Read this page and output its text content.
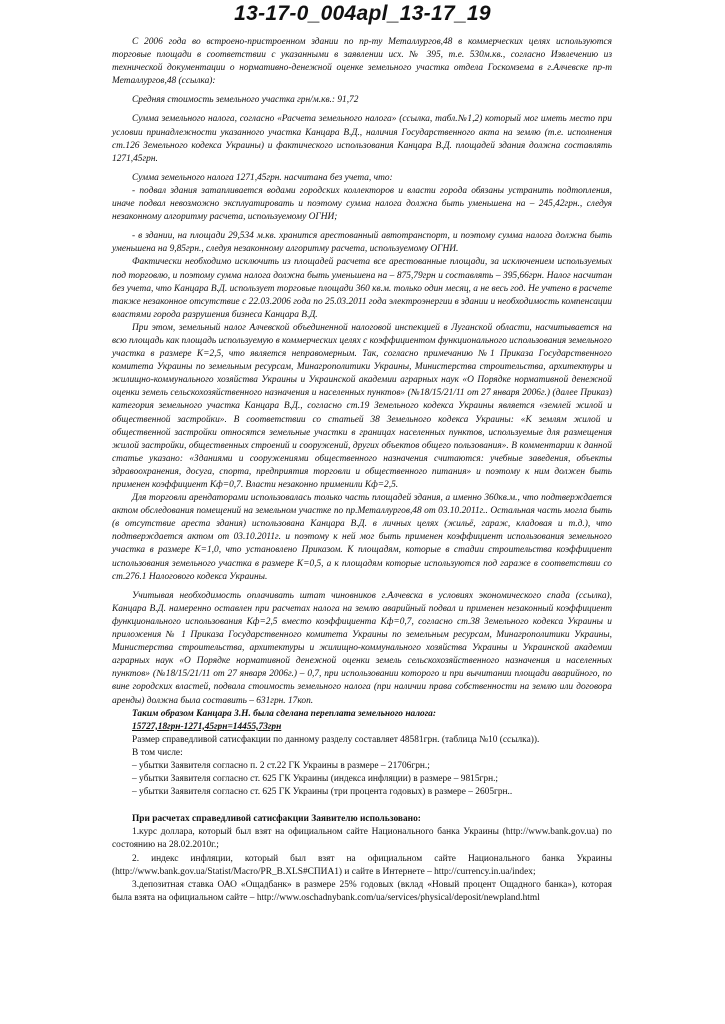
13-17-0_004apl_13-17_19

С 2006 года во встроено-пристроенном здании по пр-ту Металлургов,48 в коммерческих целях используются торговые площади в соответствии с указанными в заявлении исх. № 395, т.е. 530м.кв., согласно Извлечению из технической документации о нормативно-денежной оценке земельного участка отдела Госкомзема в г.Алчевске пр-т Металлургов,48 (ссылка):

Средняя стоимость земельного участка грн/м.кв.: 91,72

Сумма земельного налога, согласно «Расчета земельного налога» (ссылка, табл.№1,2) который мог иметь место при условии принадлежности указанного участка Канцара В.Д., наличия Государственного акта на землю (т.е. исполнения ст.126 Земельного кодекса Украины) и фактического использования Канцара В.Д. площадей здания должна составлять 1271,45грн.

Сумма земельного налога 1271,45грн. насчитана без учета, что:

- подвал здания затапливается водами городских коллекторов и власти города обязаны устранить подтопления, иначе подвал невозможно эксплуатировать и поэтому сумма налога должна быть уменьшена на – 245,42грн., следуя незаконному алгоритму расчета, используемому ОГНИ;

- в здании, на площади 29,534 м.кв. хранится арестованный автотранспорт, и поэтому сумма налога должна быть уменьшена на 9,85грн., следуя незаконному алгоритму расчета, используемому ОГНИ.

Фактически необходимо исключить из площадей расчета все арестованные площади, за исключением используемых под торговлю, и поэтому сумма налога должна быть уменьшена на – 875,79грн и составлять – 395,66грн. Налог насчитан без учета, что Канцара В.Д. использует торговые площади 360 кв.м. только один месяц, а не весь год. Не учтено в расчете также незаконное отсутствие с 22.03.2006 года по 25.03.2011 года электроэнергии в здании и необходимость компенсации властями города разрушения бизнеса Канцара В.Д.

При этом, земельный налог Алчевской объединенной налоговой инспекцией в Луганской области, насчитывается на всю площадь как площадь используемую в коммерческих целях с коэффициентом функционального использования земельного участка в размере К=2,5, что является неправомерным. Так, согласно примечанию №1 Приказа Государственного комитета Украины по земельным ресурсам, Минагрополитики Украины, Министерства строительства, архитектуры и жилищно-коммунального хозяйства Украины и Украинской академии аграрных наук «О Порядке нормативной денежной оценки земель сельскохозяйственного назначения и населенных пунктов» (№18/15/21/11 от 27 января 2006г.) (далее Приказ) категория земельного участка Канцара В.Д., согласно ст.19 Земельного кодекса Украины является «землей жилой и общественной застройки». В соответствии со статьей 38 Земельного кодекса Украины: «К землям жилой и общественной застройки относятся земельные участки в границах населенных пунктов, используемые для размещения жилой застройки, общественных строений и сооружений, других объектов общего пользования». В комментарии к данной статье указано: «Зданиями и сооружениями общественного назначения считаются: учебные заведения, объекты здравоохранения, досуга, спорта, предприятия торговли и общественного питания» и поэтому к ним должен быть применен коэффициент Кф=0,7. Власти незаконно применили Кф=2,5.

Для торговли арендаторами использовалась только часть площадей здания, а именно 360кв.м., что подтверждается актом обследования помещений на земельном участке по пр.Металлургов,48 от 03.10.2011г.. Остальная часть могла быть (в отсутствие ареста здания) использована Канцара В.Д. в личных целях (жильё, гараж, кладовая и т.д.), что подтверждается актом от 03.10.2011г. и поэтому к ней мог быть применен коэффициент использования земельного участка в размере К=1,0, что установлено Приказом. К площадям, которые в стадии строительства коэффициент использования земельного участка в размере К=0,5, а к площадям которые используются под гараже в соответствии со ст.276.1 Налогового кодекса Украины.

Учитывая необходимость оплачивать штат чиновников г.Алчевска в условиях экономического спада (ссылка), Канцара В.Д. намеренно оставлен при расчетах налога на землю аварийный подвал и применен незаконный коэффициент функционального использования Кф=2,5 вместо коэффициента Кф=0,7, согласно ст.38 Земельного кодекса Украины и приложения № 1 Приказа Государственного комитета Украины по земельным ресурсам, Минагрополитики Украины, Министерства строительства, архитектуры и жилищно-коммунального хозяйства Украины и Украинской академии аграрных наук «О Порядке нормативной денежной оценки земель сельскохозяйственного назначения и населенных пунктов» (№18/15/21/11 от 27 января 2006г.) – 0,7, при использовании которого и при вычитании площади аварийного, по вине городских властей, подвала стоимость земельного налога (при наличии права собственности на землю или договора аренды) должна была составить – 631грн. 17коп.

Таким образом Канцара З.Н. была сделана переплата земельного налога:

15727,18грн-1271,45грн=14455,73грн

Размер справедливой сатисфакции по данному разделу составляет 48581грн. (таблица №10 (ссылка)).

В том числе:

– убытки Заявителя согласно п. 2 ст.22 ГК Украины в размере – 21706грн.;

– убытки Заявителя согласно ст. 625 ГК Украины (индекса инфляции) в размере – 9815грн.;

– убытки Заявителя согласно ст. 625 ГК Украины (три процента годовых) в размере – 2605грн..

При расчетах справедливой сатисфакции Заявителю использовано:

1.курс доллара, который был взят на официальном сайте Национального банка Украины (http://www.bank.gov.ua) по состоянию на 28.02.2010г.;

2. индекс инфляции, который был взят на официальном сайте Национального банка Украины (http://www.bank.gov.ua/Statist/Macro/PR_B.XLS#СПИА1) и сайте в Интернете – http://currency.in.ua/index;

3.депозитная ставка ОАО «Ощадбанк» в размере 25% годовых (вклад «Новый процент Ощадного банка»), которая была взята на официальном сайте – http://www.oschadnybank.com/ua/services/physical/deposit/newpland.html
